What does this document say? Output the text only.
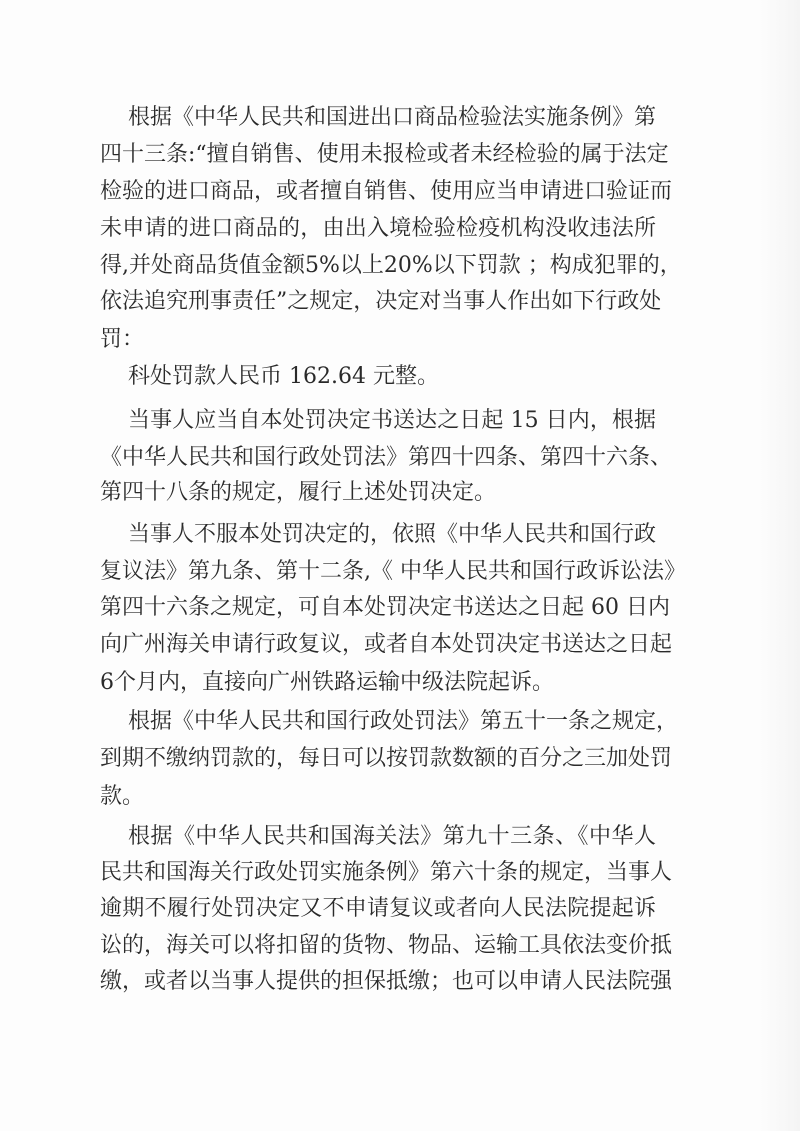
根据《中华人民共和国进出口商品检验法实施条例》第
四十三条:“擅自销售、使用未报检或者未经检验的属于法定
检验的进口商品，或者擅自销售、使用应当申请进口验证而
未申请的进口商品的，由出入境检验检疫机构没收违法所
得,并处商品货值金额5%以上20%以下罚款 ；构成犯罪的，
依法追究刑事责任”之规定，决定对当事人作出如下行政处
罚：
科处罚款人民币 162.64 元整。
当事人应当自本处罚决定书送达之日起 15 日内，根据
《中华人民共和国行政处罚法》第四十四条、第四十六条、
第四十八条的规定，履行上述处罚决定。
当事人不服本处罚决定的，依照《中华人民共和国行政
复议法》第九条、第十二条,《 中华人民共和国行政诉讼法》
第四十六条之规定，可自本处罚决定书送达之日起 60 日内
向广州海关申请行政复议，或者自本处罚决定书送达之日起
6个月内，直接向广州铁路运输中级法院起诉。
根据《中华人民共和国行政处罚法》第五十一条之规定，
到期不缴纳罚款的，每日可以按罚款数额的百分之三加处罚
款。
根据《中华人民共和国海关法》第九十三条、《中华人
民共和国海关行政处罚实施条例》第六十条的规定，当事人
逾期不履行处罚决定又不申请复议或者向人民法院提起诉
讼的，海关可以将扣留的货物、物品、运输工具依法变价抵
缴，或者以当事人提供的担保抵缴；也可以申请人民法院强
